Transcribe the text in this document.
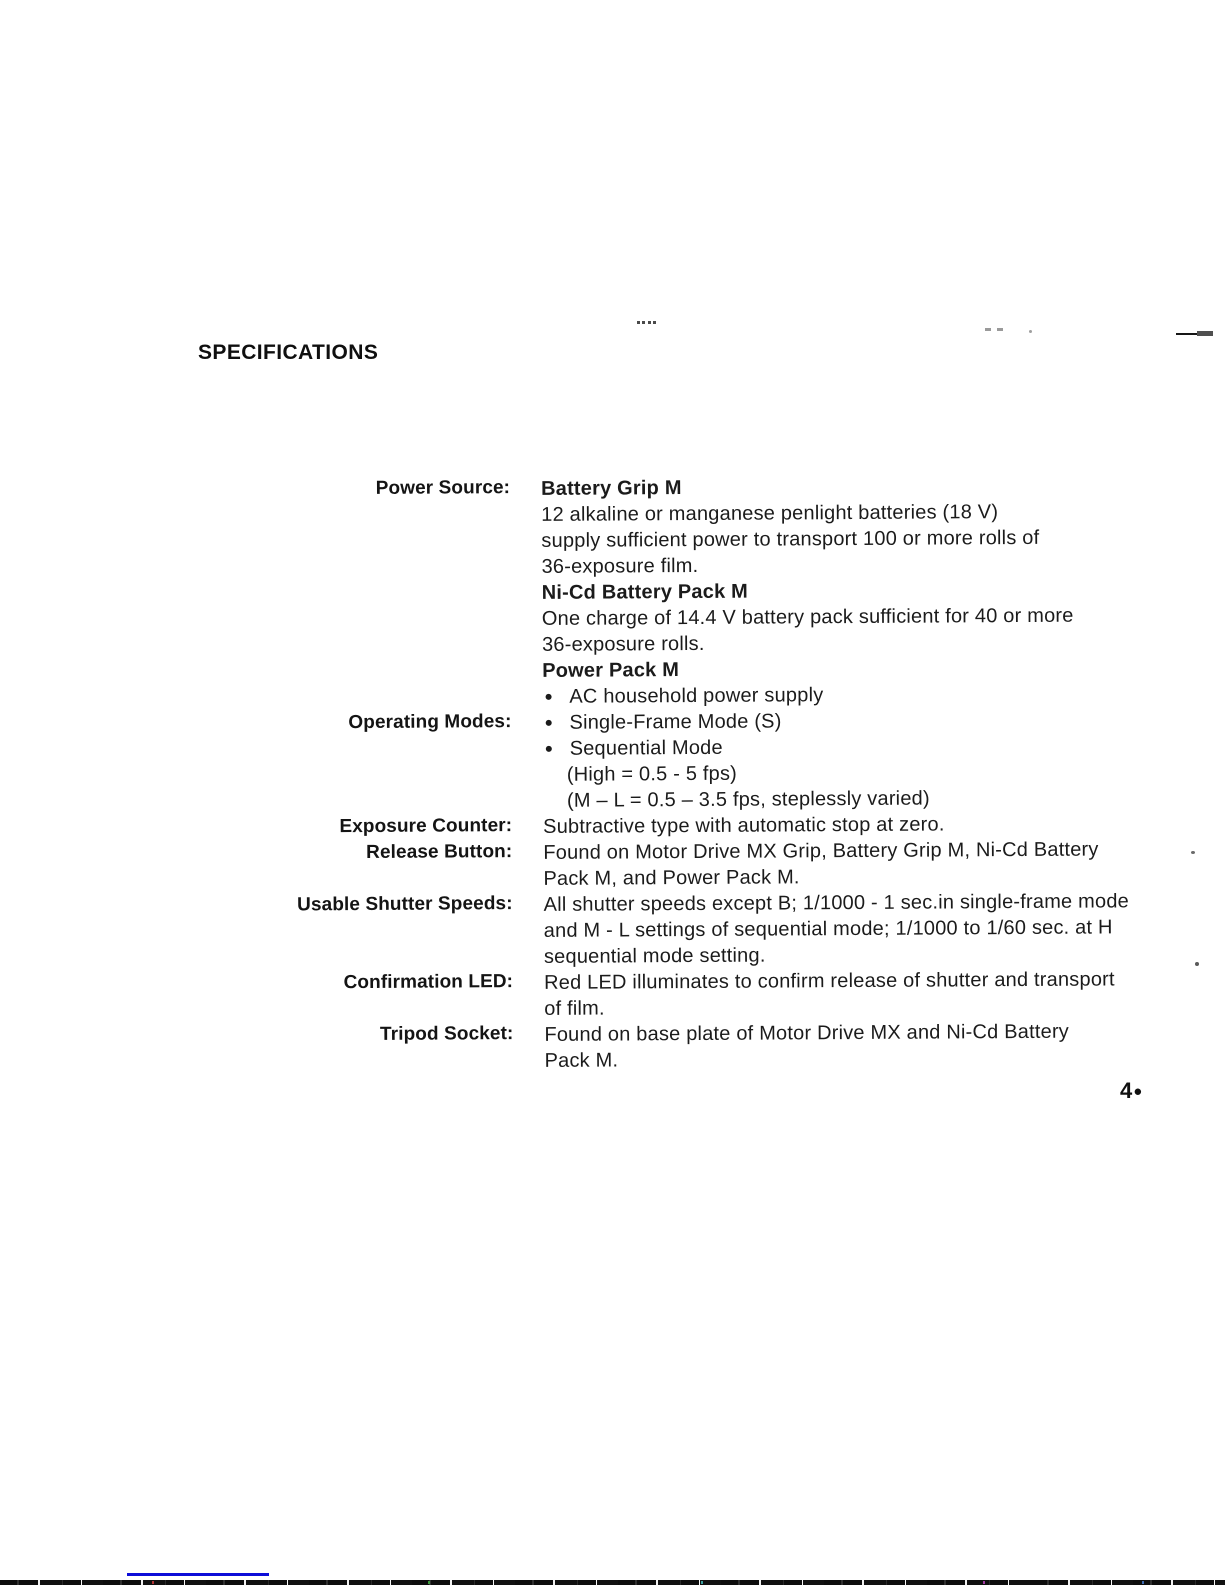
SPECIFICATIONS
Power Source: Battery Grip M
12 alkaline or manganese penlight batteries (18 V)
supply sufficient power to transport 100 or more rolls of
36-exposure film.
Ni-Cd Battery Pack M
One charge of 14.4 V battery pack sufficient for 40 or more
36-exposure rolls.
Power Pack M
● AC household power supply
Operating Modes: ● Single-Frame Mode (S)
● Sequential Mode
(High = 0.5 - 5 fps)
(M – L = 0.5 – 3.5 fps, steplessly varied)
Exposure Counter: Subtractive type with automatic stop at zero.
Release Button: Found on Motor Drive MX Grip, Battery Grip M, Ni-Cd Battery
Pack M, and Power Pack M.
Usable Shutter Speeds: All shutter speeds except B; 1/1000 - 1 sec.in single-frame mode
and M - L settings of sequential mode; 1/1000 to 1/60 sec. at H
sequential mode setting.
Confirmation LED: Red LED illuminates to confirm release of shutter and transport
of film.
Tripod Socket: Found on base plate of Motor Drive MX and Ni-Cd Battery
Pack M.
4●
